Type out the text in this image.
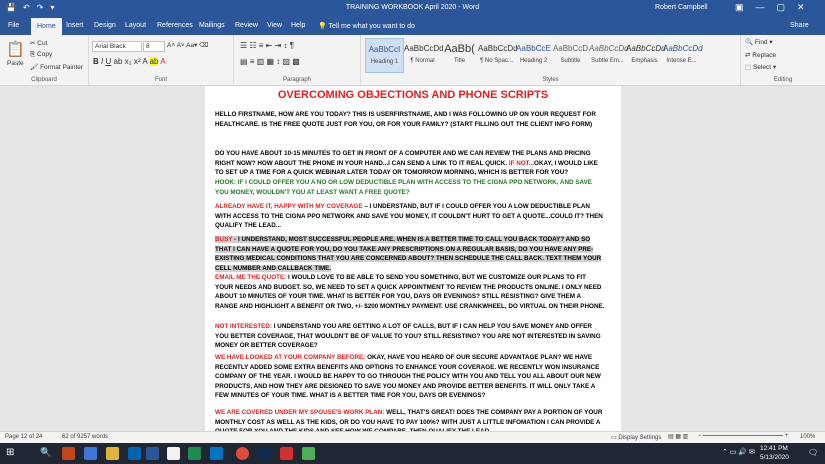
💾 ↶ ↷ ▾	TRAINING WORKBOOK April 2020 - Word	Robert Campbell	▣ — ▢ ✕
File	Home	Insert Design Layout References Mailings Review View Help 💡 Tell me what you want to do	Share
📋
Paste
✂ Cut
⎘ Copy
🖌 Format Painter
Clipboard
Arial Black	8	A˄ A˅ Aa▾ ⌫
B I U ab x₂ x² A ab A
Font
☰ ☷ ≡ ⇤ ⇥ ↕ ¶
▤ ≡ ▥ ▦ ↕ ▨ ▩
Paragraph	Styles
AaBbCcI
Heading 1
AaBbCcDd
¶ Normal
AaBb(
Title
AaBbCcDd
¶ No Spac...
AaBbCcE
Heading 2
AaBbCcD
Subtitle
AaBbCcDd
Subtle Em...
AaBbCcDd
Emphasis
AaBbCcDd
Intense E...
🔍 Find ▾
⇄ Replace
⬚ Select ▾
Editing
OVERCOMING OBJECTIONS AND PHONE SCRIPTS

HELLO FIRSTNAME, HOW ARE YOU TODAY? THIS IS USERFIRSTNAME, AND I WAS FOLLOWING UP ON YOUR REQUEST FOR HEALTHCARE. IS THE FREE QUOTE JUST FOR YOU, OR FOR YOUR FAMILY? (START FILLING OUT THE CLIENT INFO FORM)

DO YOU HAVE ABOUT 10-15 MINUTES TO GET IN FRONT OF A COMPUTER AND WE CAN REVIEW THE PLANS AND PRICING RIGHT NOW? HOW ABOUT THE PHONE IN YOUR HAND...I CAN SEND A LINK TO IT REAL QUICK. IF NOT...OKAY, I WOULD LIKE TO SET UP A TIME FOR A QUICK WEBINAR LATER TODAY OR TOMORROW MORNING, WHICH IS BETTER FOR YOU?

HOOK: IF I COULD OFFER YOU A NO OR LOW DEDUCTIBLE PLAN WITH ACCESS TO THE CIGNA PPO NETWORK, AND SAVE YOU MONEY, WOULDN'T YOU AT LEAST WANT A FREE QUOTE?

ALREADY HAVE IT, HAPPY WITH MY COVERAGE – I UNDERSTAND, BUT IF I COULD OFFER YOU A LOW DEDUCTIBLE PLAN WITH ACCESS TO THE CIGNA PPO NETWORK AND SAVE YOU MONEY, IT COULDN'T HURT TO GET A QUOTE...COULD IT? THEN QUALIFY THE LEAD...

BUSY - I UNDERSTAND, MOST SUCCESSFUL PEOPLE ARE. WHEN IS A BETTER TIME TO CALL YOU BACK TODAY? AND SO THAT I CAN HAVE A QUOTE FOR YOU, DO YOU TAKE ANY PRESCRIPTIONS ON A REGULAR BASIS, DO YOU HAVE ANY PRE-EXISTING MEDICAL CONDITIONS THAT YOU ARE CONCERNED ABOUT? THEN SCHEDULE THE CALL BACK. TEXT THEM YOUR CELL NUMBER AND CALLBACK TIME.

EMAIL ME THE QUOTE: I WOULD LOVE TO BE ABLE TO SEND YOU SOMETHING, BUT WE CUSTOMIZE OUR PLANS TO FIT YOUR NEEDS AND BUDGET. SO, WE NEED TO SET A QUICK APPOINTMENT TO REVIEW THE PRODUCTS ONLINE. I ONLY NEED ABOUT 10 MINUTES OF YOUR TIME. WHAT IS BETTER FOR YOU, DAYS OR EVENINGS? STILL RESISTING? GIVE THEM A RANGE AND HIGHLIGHT A BENEFIT OR TWO, +/- $200 MONTHLY PAYMENT. USE CRANKWHEEL, DO VIRTUAL ON THEIR PHONE.

NOT INTERESTED: I UNDERSTAND YOU ARE GETTING A LOT OF CALLS, BUT IF I CAN HELP YOU SAVE MONEY AND OFFER YOU BETTER COVERAGE, THAT WOULDN'T BE OF VALUE TO YOU? STILL RESISTING? YOU ARE NOT INTERESTED IN SAVING MONEY OR BETTER COVERAGE?

WE HAVE LOOKED AT YOUR COMPANY BEFORE: OKAY, HAVE YOU HEARD OF OUR SECURE ADVANTAGE PLAN? WE HAVE RECENTLY ADDED SOME EXTRA BENEFITS AND OPTIONS TO ENHANCE YOUR COVERAGE. WE RECENTLY WON INSURANCE COMPANY OF THE YEAR. I WOULD BE HAPPY TO GO THROUGH THE POLICY WITH YOU AND TELL YOU ALL ABOUT OUR NEW PRODUCTS, AND HOW THEY ARE DESIGNED TO SAVE YOU MONEY AND PROVIDE BETTER BENEFITS. IT WILL ONLY TAKE A FEW MINUTES OF YOUR TIME. WHAT IS A BETTER TIME FOR YOU, DAYS OR EVENINGS?

WE ARE COVERED UNDER MY SPOUSE'S WORK PLAN: WELL, THAT'S GREAT! DOES THE COMPANY PAY A PORTION OF YOUR MONTHLY COST AS WELL AS THE KIDS, OR DO YOU HAVE TO PAY 100%? WITH JUST A LITTLE INFOMATION I CAN PROVIDE A

Page 12 of 24	62 of 9257 words	▭ Display Settings ▤ ▦ ▥ −	+ 100%
⊞	🔍	⌃ ▭ 🔊 ✉
12:41 PM
5/13/2020
🗨
